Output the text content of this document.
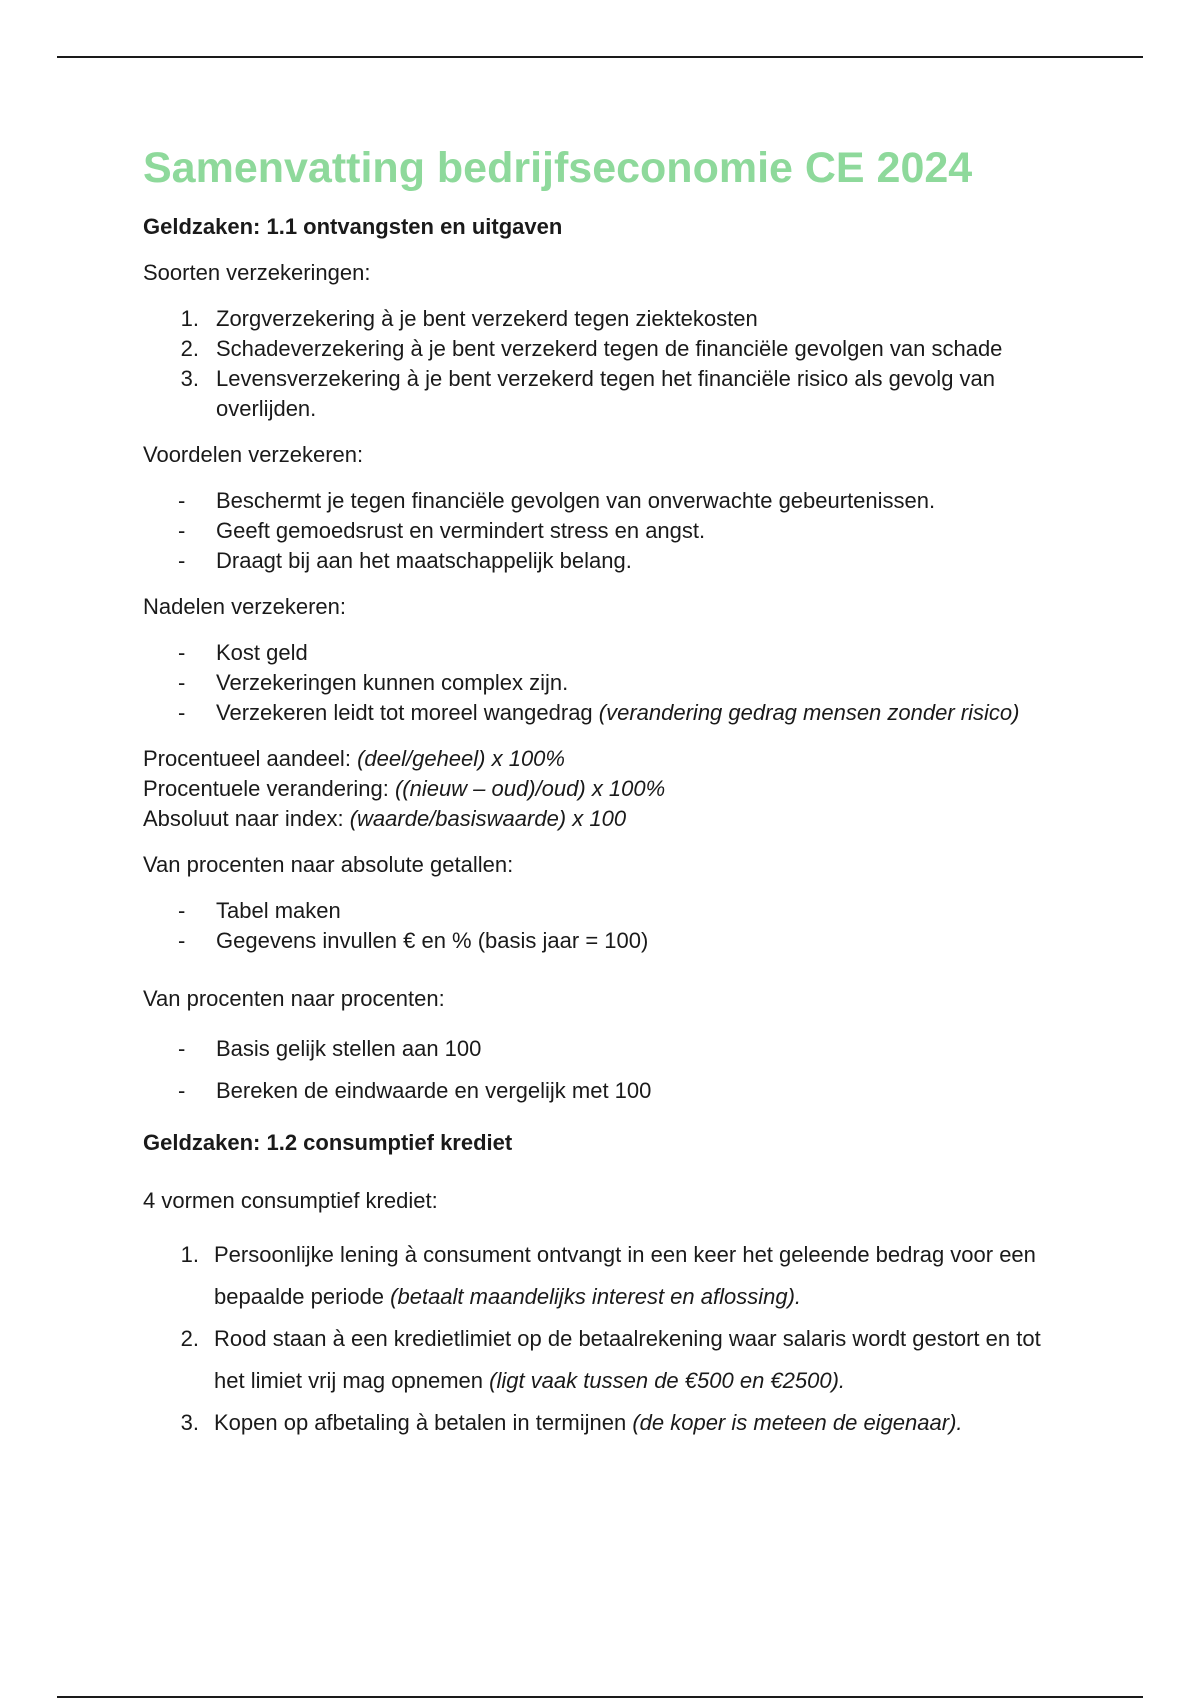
Samenvatting bedrijfseconomie CE 2024
Geldzaken: 1.1 ontvangsten en uitgaven

Soorten verzekeringen:

1. Zorgverzekering à je bent verzekerd tegen ziektekosten
2. Schadeverzekering à je bent verzekerd tegen de financiële gevolgen van schade
3. Levensverzekering à je bent verzekerd tegen het financiële risico als gevolg van overlijden.

Voordelen verzekeren:

-	Beschermt je tegen financiële gevolgen van onverwachte gebeurtenissen.
-	Geeft gemoedsrust en vermindert stress en angst.
-	Draagt bij aan het maatschappelijk belang.

Nadelen verzekeren:

-	Kost geld
-	Verzekeringen kunnen complex zijn.
-	Verzekeren leidt tot moreel wangedrag (verandering gedrag mensen zonder risico)

Procentueel aandeel: (deel/geheel) x 100%

Procentuele verandering: ((nieuw – oud)/oud) x 100%

Absoluut naar index: (waarde/basiswaarde) x 100

Van procenten naar absolute getallen:

-	Tabel maken
-	Gegevens invullen € en % (basis jaar = 100)

Van procenten naar procenten:

-	Basis gelijk stellen aan 100
-	Bereken de eindwaarde en vergelijk met 100
Geldzaken: 1.2 consumptief krediet

4 vormen consumptief krediet:

1. Persoonlijke lening à consument ontvangt in een keer het geleende bedrag voor een bepaalde periode (betaalt maandelijks interest en aflossing).
2. Rood staan à een kredietlimiet op de betaalrekening waar salaris wordt gestort en tot het limiet vrij mag opnemen (ligt vaak tussen de €500 en €2500).
3. Kopen op afbetaling à betalen in termijnen (de koper is meteen de eigenaar).
